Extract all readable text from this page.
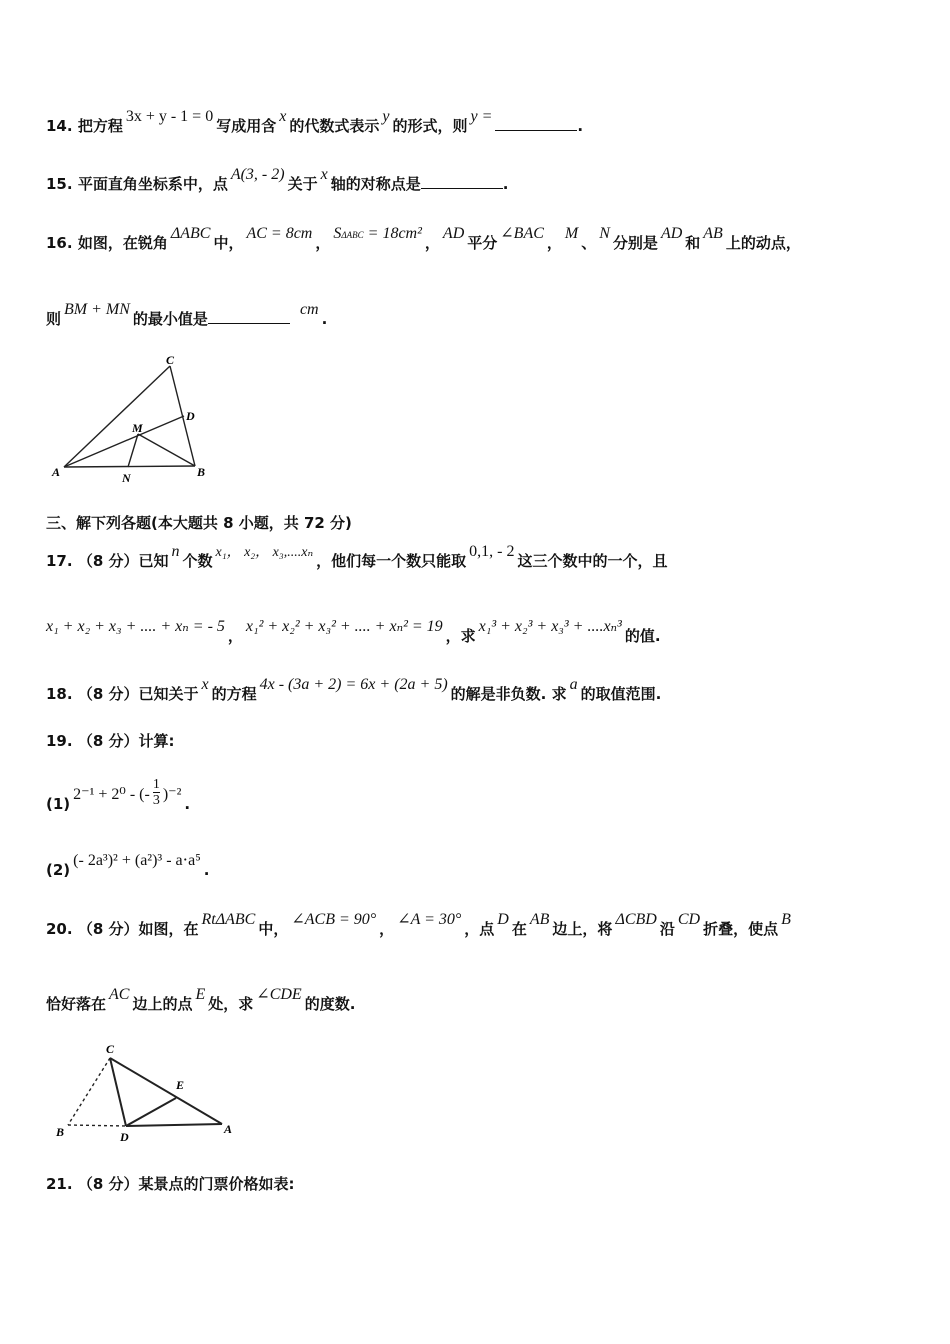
14. 把方程3x + y - 1 = 0写成用含x的代数式表示y的形式，则y =.
15. 平面直角坐标系中，点A(3, - 2)关于x轴的对称点是	.
16. 如图，在锐角ΔABC中，AC = 8cm，SΔABC = 18cm²，AD平分∠BAC，M、N分别是AD和AB上的动点，
则BM + MN的最小值是cm.
C
D
M
A	N	B
三、解下列各题(本大题共 8 小题，共 72 分)
17. （8 分）已知n个数 x₁， x₂， x₃,....xₙ ，他们每一个数只能取0,1, - 2这三个数中的一个，且
x₁ + x₂ + x₃ + .... + xₙ = - 5，x₁² + x₂² + x₃² + .... + xₙ² = 19，求x₁³ + x₂³ + x₃³ + ....xₙ³的值.
18. （8 分）已知关于x的方程4x - (3a + 2) = 6x + (2a + 5)的解是非负数. 求a的取值范围.
19. （8 分）计算:
(1)2⁻¹ + 2⁰ - (- $\frac{1}{3} )^{-2}$.
(2)(- 2a³)² + (a²)³ - a⋅a⁵.
20. （8 分）如图，在RtΔABC中，∠ACB = 90°，∠A = 30°，点D在AB边上，将ΔCBD沿CD折叠，使点B
恰好落在AC边上的点E处，求∠CDE的度数.
C
E
B	D
A
21. （8 分）某景点的门票价格如表:
